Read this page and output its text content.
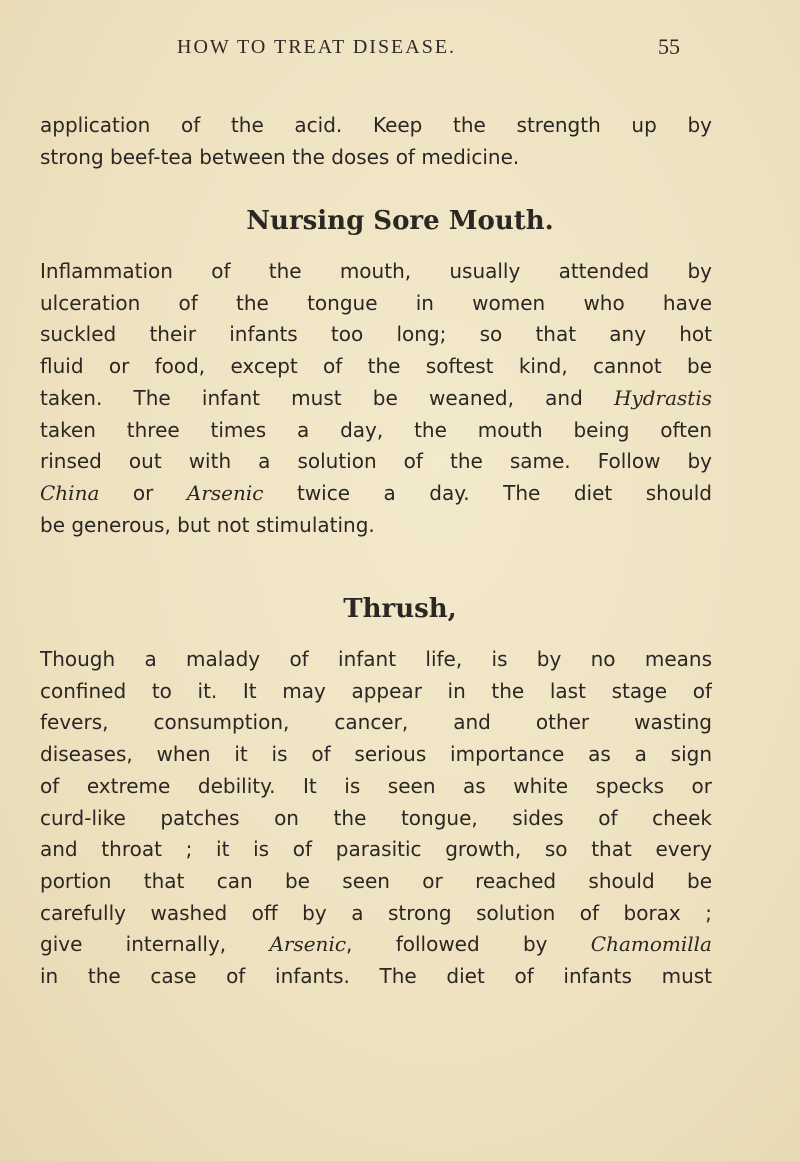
HOW TO TREAT DISEASE.	55
application of the acid. Keep the strength up by
strong beef-tea between the doses of medicine.
Nursing Sore Mouth.
Inflammation of the mouth, usually attended by
ulceration of the tongue in women who have
suckled their infants too long; so that any hot
fluid or food, except of the softest kind, cannot be
taken. The infant must be weaned, and Hydrastis
taken three times a day, the mouth being often
rinsed out with a solution of the same. Follow by
China or Arsenic twice a day. The diet should
be generous, but not stimulating.
Thrush,
Though a malady of infant life, is by no means
confined to it. It may appear in the last stage of
fevers, consumption, cancer, and other wasting
diseases, when it is of serious importance as a sign
of extreme debility. It is seen as white specks or
curd-like patches on the tongue, sides of cheek
and throat ; it is of parasitic growth, so that every
portion that can be seen or reached should be
carefully washed off by a strong solution of borax ;
give internally, Arsenic, followed by Chamomilla
in the case of infants. The diet of infants must
